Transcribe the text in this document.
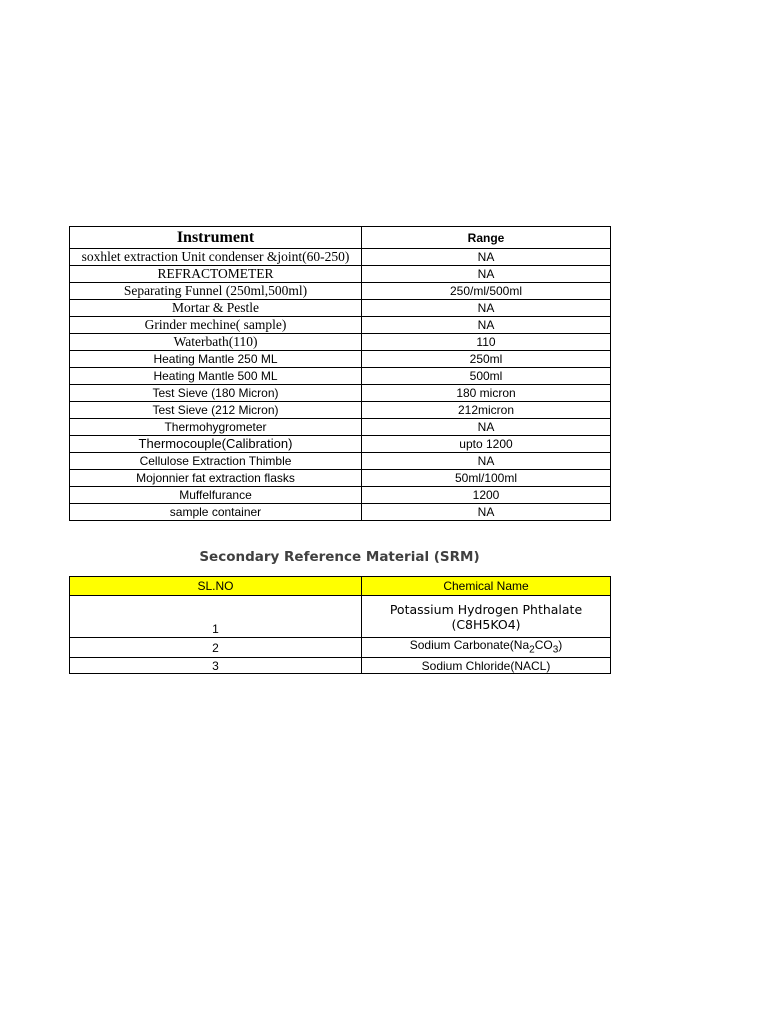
Instrument	Range
soxhlet extraction Unit condenser &joint(60-250)	NA
REFRACTOMETER	NA
Separating Funnel (250ml,500ml)	250/ml/500ml
Mortar & Pestle	NA
Grinder mechine( sample)	NA
Waterbath(110)	110
Heating Mantle 250 ML	250ml
Heating Mantle 500 ML	500ml
Test Sieve (180 Micron)	180 micron
Test Sieve (212 Micron)	212micron
Thermohygrometer	NA
Thermocouple(Calibration)	upto 1200
Cellulose Extraction Thimble	NA
Mojonnier fat extraction flasks	50ml/100ml
Muffelfurance	1200
sample container	NA
Secondary Reference Material (SRM)
SL.NO	Chemical Name
1	Potassium Hydrogen Phthalate (C8H5KO4)
2	Sodium $Carbonate(Na_2CO_3)$
3	Sodium Chloride(NACL)
